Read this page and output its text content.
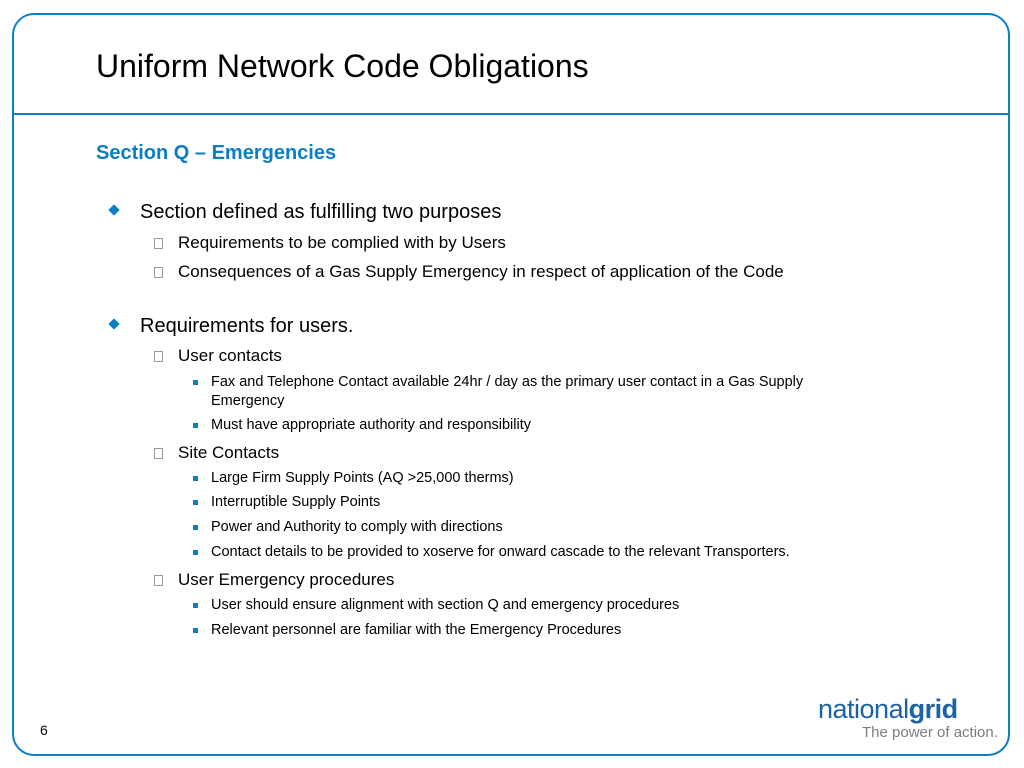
Uniform Network Code Obligations
Section Q – Emergencies
Section defined as fulfilling two purposes
Requirements to be complied with by Users
Consequences of a Gas Supply Emergency in respect of application of the Code
Requirements for users.
User contacts
Fax and Telephone Contact available 24hr / day as the primary user contact in a Gas Supply
Emergency
Must have appropriate authority and responsibility
Site Contacts
Large Firm Supply Points (AQ >25,000 therms)
Interruptible Supply Points
Power and Authority to comply with directions
Contact details to be provided to xoserve for onward cascade to the relevant Transporters.
User Emergency procedures
User should ensure alignment with section Q and emergency procedures
Relevant personnel are familiar with the Emergency Procedures
6
nationalgrid
The power of action.
